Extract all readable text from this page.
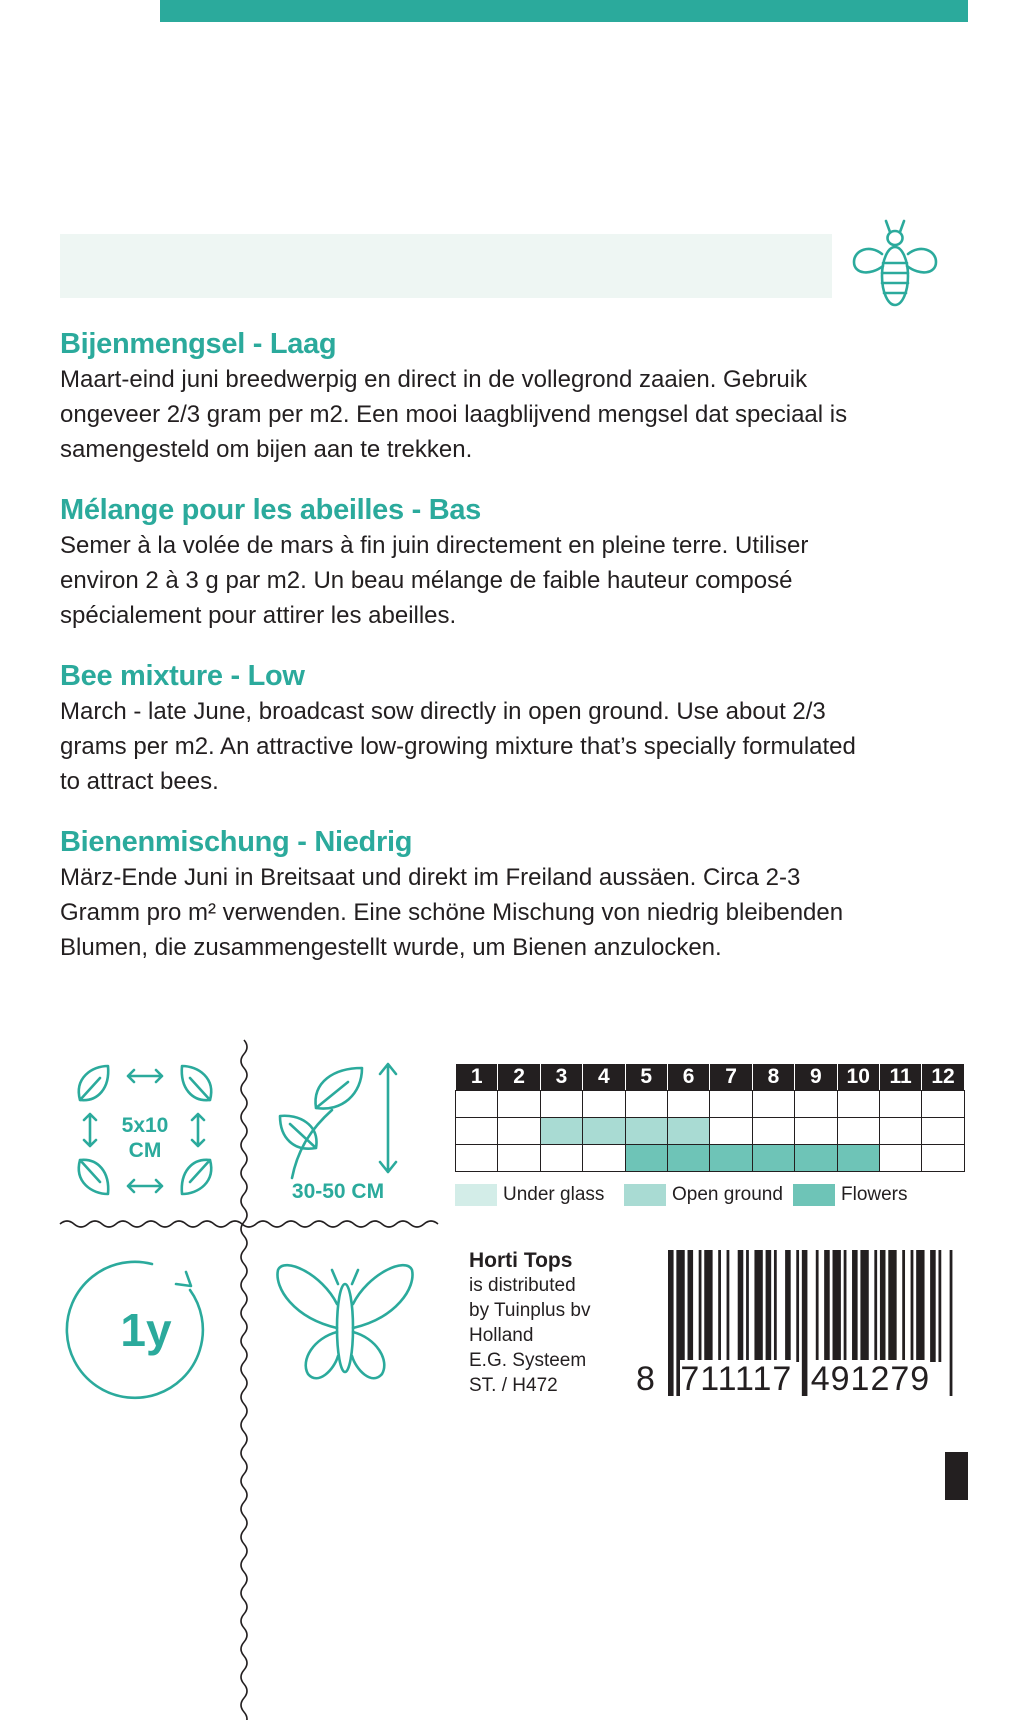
Bijenmengsel - Laag

Maart-eind juni breedwerpig en direct in de vollegrond zaaien. Gebruik

ongeveer 2/3 gram per m2. Een mooi laagblijvend mengsel dat speciaal is

samengesteld om bijen aan te trekken.

Mélange pour les abeilles - Bas

Semer à la volée de mars à fin juin directement en pleine terre. Utiliser

environ 2 à 3 g par m2. Un beau mélange de faible hauteur composé

spécialement pour attirer les abeilles.

Bee mixture - Low

March - late June, broadcast sow directly in open ground. Use about 2/3

grams per m2. An attractive low-growing mixture that’s specially formulated

to attract bees.

Bienenmischung - Niedrig

März-Ende Juni in Breitsaat und direkt im Freiland aussäen. Circa 2-3

Gramm pro m² verwenden. Eine schöne Mischung von niedrig bleibenden

Blumen, die zusammengestellt wurde, um Bienen anzulocken.

5x10
CM
30-50 CM
1y
1	2	3	4	5	6	7	8	9	10	11	12

Under glass	Open ground	Flowers
Horti Tops
is distributed
by Tuinplus bv
Holland
E.G. Systeem
ST. / H472	8 711117 491279
